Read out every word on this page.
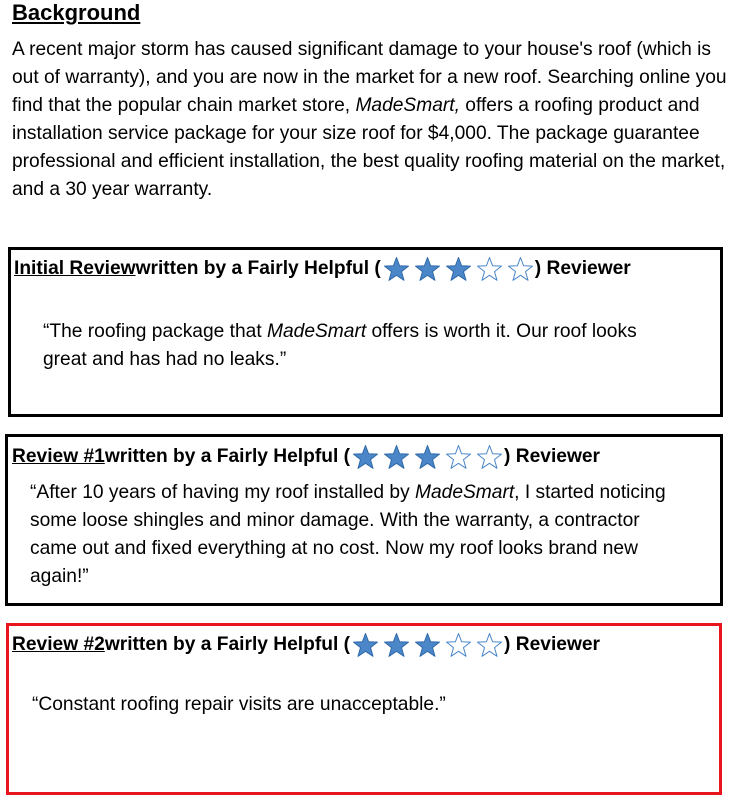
Background

A recent major storm has caused significant damage to your house's roof (which is out of warranty), and you are now in the market for a new roof. Searching online you find that the popular chain market store, MadeSmart, offers a roofing product and installation service package for your size roof for $4,000. The package guarantee professional and efficient installation, the best quality roofing material on the market, and a 30 year warranty.

Initial Review written by a Fairly Helpful (	) Reviewer

“The roofing package that MadeSmart offers is worth it. Our roof looks great and has had no leaks.”

Review #1 written by a Fairly Helpful (	) Reviewer

“After 10 years of having my roof installed by MadeSmart, I started noticing some loose shingles and minor damage. With the warranty, a contractor came out and fixed everything at no cost. Now my roof looks brand new again!”

Review #2 written by a Fairly Helpful (	) Reviewer

“Constant roofing repair visits are unacceptable.”
